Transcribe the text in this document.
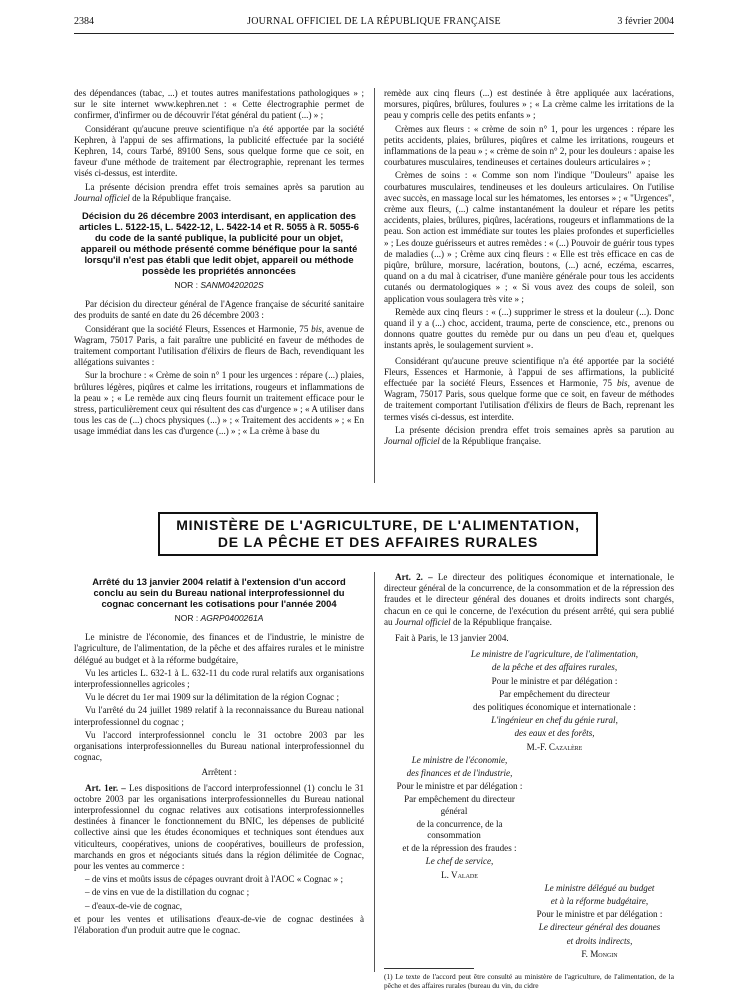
2384	JOURNAL OFFICIEL DE LA RÉPUBLIQUE FRANÇAISE	3 février 2004

des dépendances (tabac, ...) et toutes autres manifestations pathologiques » ; sur le site internet www.kephren.net : « Cette électrographie permet de confirmer, d'infirmer ou de découvrir l'état général du patient (...) » ;

Considérant qu'aucune preuve scientifique n'a été apportée par la société Kephren, à l'appui de ses affirmations, la publicité effectuée par la société Kephren, 14, cours Tarbé, 89100 Sens, sous quelque forme que ce soit, en faveur d'une méthode de traitement par électrographie, reprenant les termes visés ci-dessus, est interdite.

La présente décision prendra effet trois semaines après sa parution au Journal officiel de la République française.

Décision du 26 décembre 2003 interdisant, en application des articles L. 5122-15, L. 5422-12, L. 5422-14 et R. 5055 à R. 5055-6 du code de la santé publique, la publicité pour un objet, appareil ou méthode présenté comme bénéfique pour la santé lorsqu'il n'est pas établi que ledit objet, appareil ou méthode possède les propriétés annoncées
NOR : SANM0420202S

Par décision du directeur général de l'Agence française de sécurité sanitaire des produits de santé en date du 26 décembre 2003 :

Considérant que la société Fleurs, Essences et Harmonie, 75 bis, avenue de Wagram, 75017 Paris, a fait paraître une publicité en faveur de méthodes de traitement comportant l'utilisation d'élixirs de fleurs de Bach, revendiquant les allégations suivantes :

Sur la brochure : « Crème de soin n° 1 pour les urgences : répare (...) plaies, brûlures légères, piqûres et calme les irritations, rougeurs et inflammations de la peau » ; « Le remède aux cinq fleurs fournit un traitement efficace pour le stress, particulièrement ceux qui résultent des cas d'urgence » ; « A utiliser dans tous les cas de (...) chocs physiques (...) » ; « Traitement des accidents » ; « En usage immédiat dans les cas d'urgence (...) » ; « La crème à base du

remède aux cinq fleurs (...) est destinée à être appliquée aux lacérations, morsures, piqûres, brûlures, foulures » ; « La crème calme les irritations de la peau y compris celle des petits enfants » ;

Crèmes aux fleurs : « crème de soin n° 1, pour les urgences : répare les petits accidents, plaies, brûlures, piqûres et calme les irritations, rougeurs et inflammations de la peau » ; « crème de soin n° 2, pour les douleurs : apaise les courbatures musculaires, tendineuses et certaines douleurs articulaires » ;

Crèmes de soins : « Comme son nom l'indique "Douleurs" apaise les courbatures musculaires, tendineuses et les douleurs articulaires. On l'utilise avec succès, en massage local sur les hématomes, les entorses » ; « "Urgences", crème aux fleurs, (...) calme instantanément la douleur et répare les petits accidents, plaies, brûlures, piqûres, lacérations, rougeurs et inflammations de la peau. Son action est immédiate sur toutes les plaies profondes et superficielles » ; Les douze guérisseurs et autres remèdes : « (...) Pouvoir de guérir tous types de maladies (...) » ; Crème aux cinq fleurs : « Elle est très efficace en cas de piqûre, brûlure, morsure, lacération, boutons, (...) acné, eczéma, escarres, quand on a du mal à cicatriser, d'une manière générale pour tous les accidents cutanés ou dermatologiques » ; « Si vous avez des coups de soleil, son application vous soulagera très vite » ;

Remède aux cinq fleurs : « (...) supprimer le stress et la douleur (...). Donc quand il y a (...) choc, accident, trauma, perte de conscience, etc., prenons ou donnons quatre gouttes du remède pur ou dans un peu d'eau et, quelques instants après, le soulagement survient ».

Considérant qu'aucune preuve scientifique n'a été apportée par la société Fleurs, Essences et Harmonie, à l'appui de ses affirmations, la publicité effectuée par la société Fleurs, Essences et Harmonie, 75 bis, avenue de Wagram, 75017 Paris, sous quelque forme que ce soit, en faveur de méthodes de traitement comportant l'utilisation d'élixirs de fleurs de Bach, reprenant les termes visés ci-dessus, est interdite.

La présente décision prendra effet trois semaines après sa parution au Journal officiel de la République française.

MINISTÈRE DE L'AGRICULTURE, DE L'ALIMENTATION,
DE LA PÊCHE ET DES AFFAIRES RURALES
Arrêté du 13 janvier 2004 relatif à l'extension d'un accord conclu au sein du Bureau national interprofessionnel du cognac concernant les cotisations pour l'année 2004
NOR : AGRP0400261A

Le ministre de l'économie, des finances et de l'industrie, le ministre de l'agriculture, de l'alimentation, de la pêche et des affaires rurales et le ministre délégué au budget et à la réforme budgétaire,

Vu les articles L. 632-1 à L. 632-11 du code rural relatifs aux organisations interprofessionnelles agricoles ;

Vu le décret du 1er mai 1909 sur la délimitation de la région Cognac ;

Vu l'arrêté du 24 juillet 1989 relatif à la reconnaissance du Bureau national interprofessionnel du cognac ;

Vu l'accord interprofessionnel conclu le 31 octobre 2003 par les organisations interprofessionnelles du Bureau national interprofessionnel du cognac,

Arrêtent :

Art. 1er. – Les dispositions de l'accord interprofessionnel (1) conclu le 31 octobre 2003 par les organisations interprofessionnelles du Bureau national interprofessionnel du cognac relatives aux cotisations interprofessionnelles destinées à financer le fonctionnement du BNIC, les dépenses de publicité collective ainsi que les études économiques et techniques sont étendues aux viticulteurs, coopératives, unions de coopératives, bouilleurs de profession, marchands en gros et négociants situés dans la région délimitée de Cognac, pour les ventes au commerce :

– de vins et moûts issus de cépages ouvrant droit à l'AOC « Cognac » ;

– de vins en vue de la distillation du cognac ;

– d'eaux-de-vie de cognac,

et pour les ventes et utilisations d'eaux-de-vie de cognac destinées à l'élaboration d'un produit autre que le cognac.

Art. 2. – Le directeur des politiques économique et internationale, le directeur général de la concurrence, de la consommation et de la répression des fraudes et le directeur général des douanes et droits indirects sont chargés, chacun en ce qui le concerne, de l'exécution du présent arrêté, qui sera publié au Journal officiel de la République française.

Fait à Paris, le 13 janvier 2004.

Le ministre de l'agriculture, de l'alimentation,

de la pêche et des affaires rurales,

Pour le ministre et par délégation :

Par empêchement du directeur

des politiques économique et internationale :

L'ingénieur en chef du génie rural,

des eaux et des forêts,

M.-F. Cazalère

Le ministre de l'économie,

des finances et de l'industrie,

Pour le ministre et par délégation :

Par empêchement du directeur général

de la concurrence, de la consommation

et de la répression des fraudes :

Le chef de service,

L. Valade

Le ministre délégué au budget

et à la réforme budgétaire,

Pour le ministre et par délégation :

Le directeur général des douanes

et droits indirects,

F. Mongin

(1) Le texte de l'accord peut être consulté au ministère de l'agriculture, de l'alimentation, de la pêche et des affaires rurales (bureau du vin, du cidre
